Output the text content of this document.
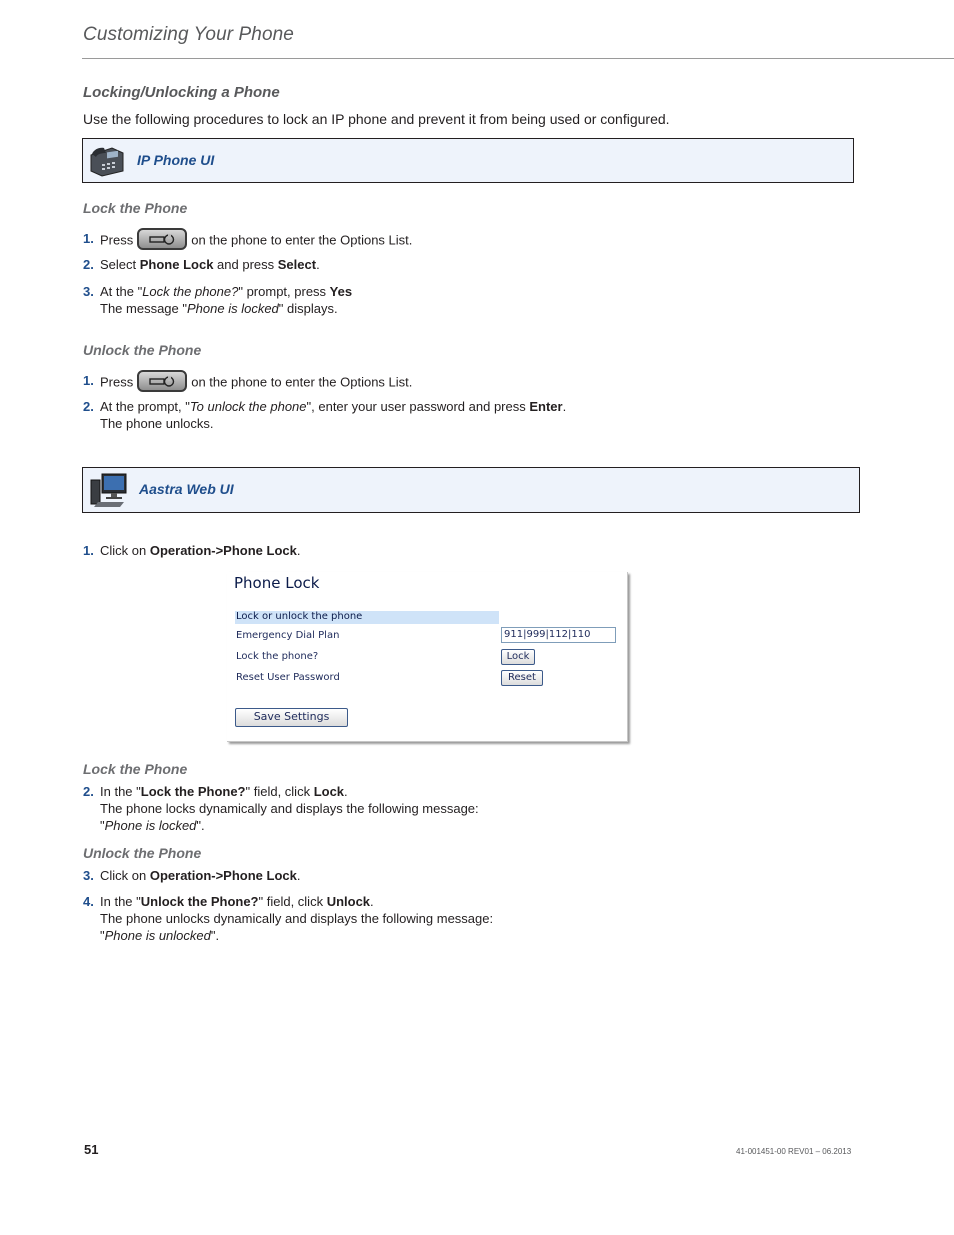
Customizing Your Phone
Locking/Unlocking a Phone
Use the following procedures to lock an IP phone and prevent it from being used or configured.
IP Phone UI
Lock the Phone
1. Press	on the phone to enter the Options List.
2. Select Phone Lock and press Select.
3. At the "Lock the phone?" prompt, press Yes
The message "Phone is locked" displays.
Unlock the Phone
1. Press	on the phone to enter the Options List.
2. At the prompt, "To unlock the phone", enter your user password and press Enter.
The phone unlocks.
Aastra Web UI
1. Click on Operation->Phone Lock.
Phone Lock
Lock or unlock the phone
Emergency Dial Plan	911|999|112|110
Lock the phone?	Lock
Reset User Password	Reset
Save Settings
Lock the Phone
2. In the "Lock the Phone?" field, click Lock.
The phone locks dynamically and displays the following message:
"Phone is locked".
Unlock the Phone
3. Click on Operation->Phone Lock.
4. In the "Unlock the Phone?" field, click Unlock.
The phone unlocks dynamically and displays the following message:
"Phone is unlocked".
51	41-001451-00 REV01 – 06.2013
